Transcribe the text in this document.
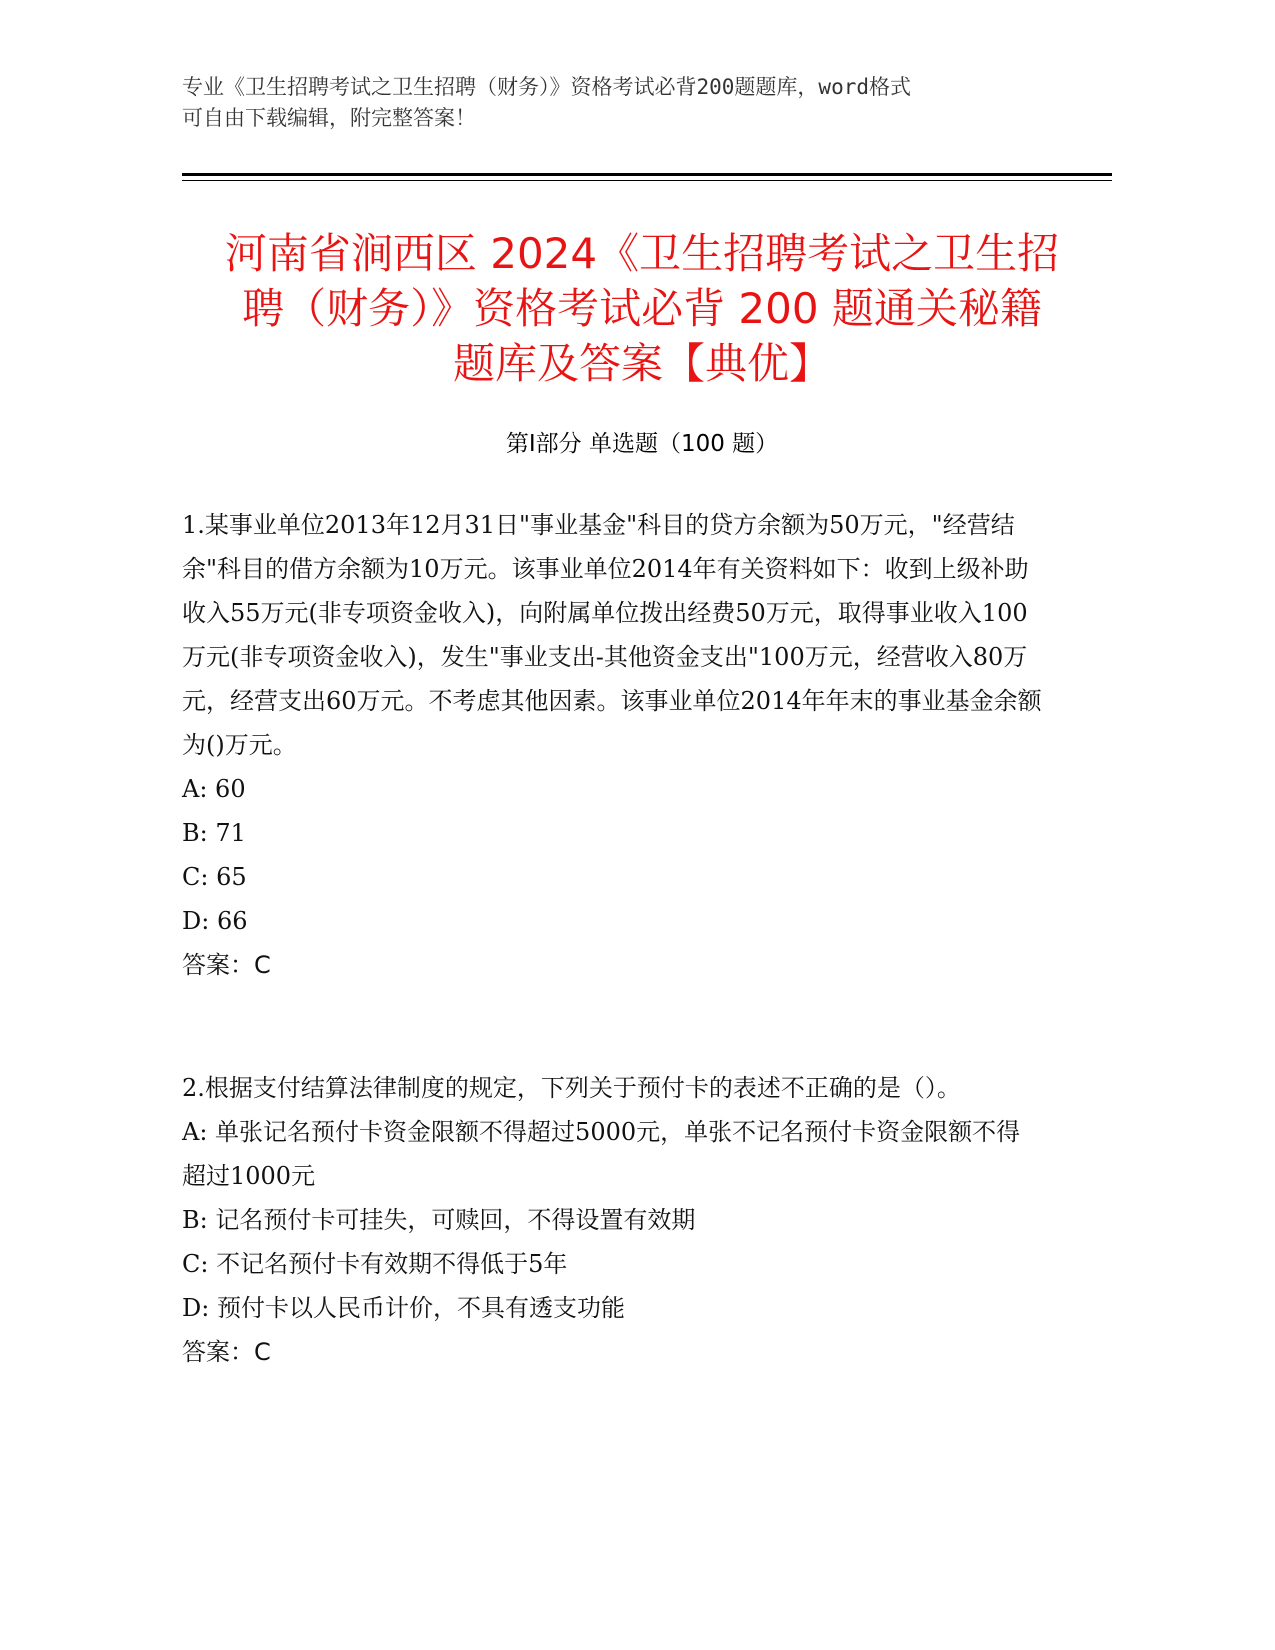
专业《卫生招聘考试之卫生招聘（财务）》资格考试必背200题题库，word格式
可自由下载编辑，附完整答案！
河南省涧西区 2024《卫生招聘考试之卫生招
聘（财务）》资格考试必背 200 题通关秘籍
题库及答案【典优】
第Ⅰ部分 单选题（100 题）

1.某事业单位2013年12月31日"事业基金"科目的贷方余额为50万元，"经营结余"科目的借方余额为10万元。该事业单位2014年有关资料如下：收到上级补助收入55万元(非专项资金收入)，向附属单位拨出经费50万元，取得事业收入100万元(非专项资金收入)，发生"事业支出-其他资金支出"100万元，经营收入80万元，经营支出60万元。不考虑其他因素。该事业单位2014年年末的事业基金余额为()万元。

A: 60

B: 71

C: 65

D: 66

答案：C

2.根据支付结算法律制度的规定，下列关于预付卡的表述不正确的是（）。

A: 单张记名预付卡资金限额不得超过5000元，单张不记名预付卡资金限额不得超过1000元

B: 记名预付卡可挂失，可赎回，不得设置有效期

C: 不记名预付卡有效期不得低于5年

D: 预付卡以人民币计价，不具有透支功能

答案：C
